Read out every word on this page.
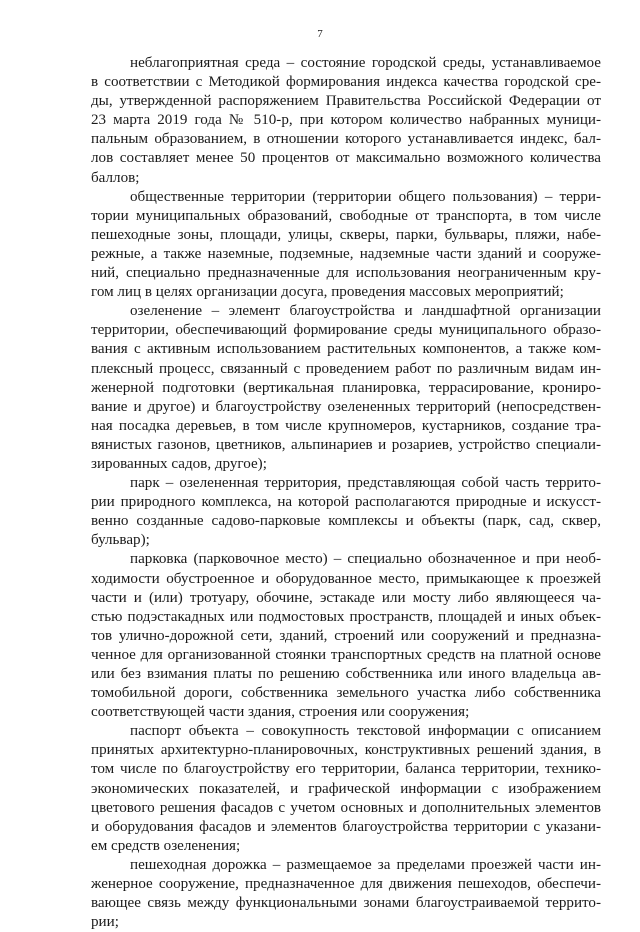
7

неблагоприятная среда – состояние городской среды, устанавливаемое
в соответствии с Методикой формирования индекса качества городской сре-
ды, утвержденной распоряжением Правительства Российской Федерации от
23 марта 2019 года № 510-р, при котором количество набранных муници-
пальным образованием, в отношении которого устанавливается индекс, бал-
лов составляет менее 50 процентов от максимально возможного количества
баллов;

общественные территории (территории общего пользования) – терри-
тории муниципальных образований, свободные от транспорта, в том числе
пешеходные зоны, площади, улицы, скверы, парки, бульвары, пляжи, набе-
режные, а также наземные, подземные, надземные части зданий и сооруже-
ний, специально предназначенные для использования неограниченным кру-
гом лиц в целях организации досуга, проведения массовых мероприятий;

озеленение – элемент благоустройства и ландшафтной организации
территории, обеспечивающий формирование среды муниципального образо-
вания с активным использованием растительных компонентов, а также ком-
плексный процесс, связанный с проведением работ по различным видам ин-
женерной подготовки (вертикальная планировка, террасирование, кронирo-
вание и другое) и благоустройству озелененных территорий (непосредствен-
ная посадка деревьев, в том числе крупномеров, кустарников, создание тра-
вянистых газонов, цветников, альпинариев и розариев, устройство специали-
зированных садов, другое);

парк – озелененная территория, представляющая собой часть террито-
рии природного комплекса, на которой располагаются природные и искусст-
венно созданные садово-парковые комплексы и объекты (парк, сад, сквер,
бульвар);

парковка (парковочное место) – специально обозначенное и при необ-
ходимости обустроенное и оборудованное место, примыкающее к проезжей
части и (или) тротуару, обочине, эстакаде или мосту либо являющееся ча-
стью подэстакадных или подмостовых пространств, площадей и иных объек-
тов улично-дорожной сети, зданий, строений или сооружений и предназна-
ченное для организованной стоянки транспортных средств на платной основе
или без взимания платы по решению собственника или иного владельца ав-
томобильной дороги, собственника земельного участка либо собственника
соответствующей части здания, строения или сооружения;

паспорт объекта – совокупность текстовой информации с описанием
принятых архитектурно-планировочных, конструктивных решений здания, в
том числе по благоустройству его территории, баланса территории, технико-
экономических показателей, и графической информации с изображением
цветового решения фасадов с учетом основных и дополнительных элементов
и оборудования фасадов и элементов благоустройства территории с указани-
ем средств озеленения;

пешеходная дорожка – размещаемое за пределами проезжей части ин-
женерное сооружение, предназначенное для движения пешеходов, обеспечи-
вающее связь между функциональными зонами благоустраиваемой террито-
рии;
